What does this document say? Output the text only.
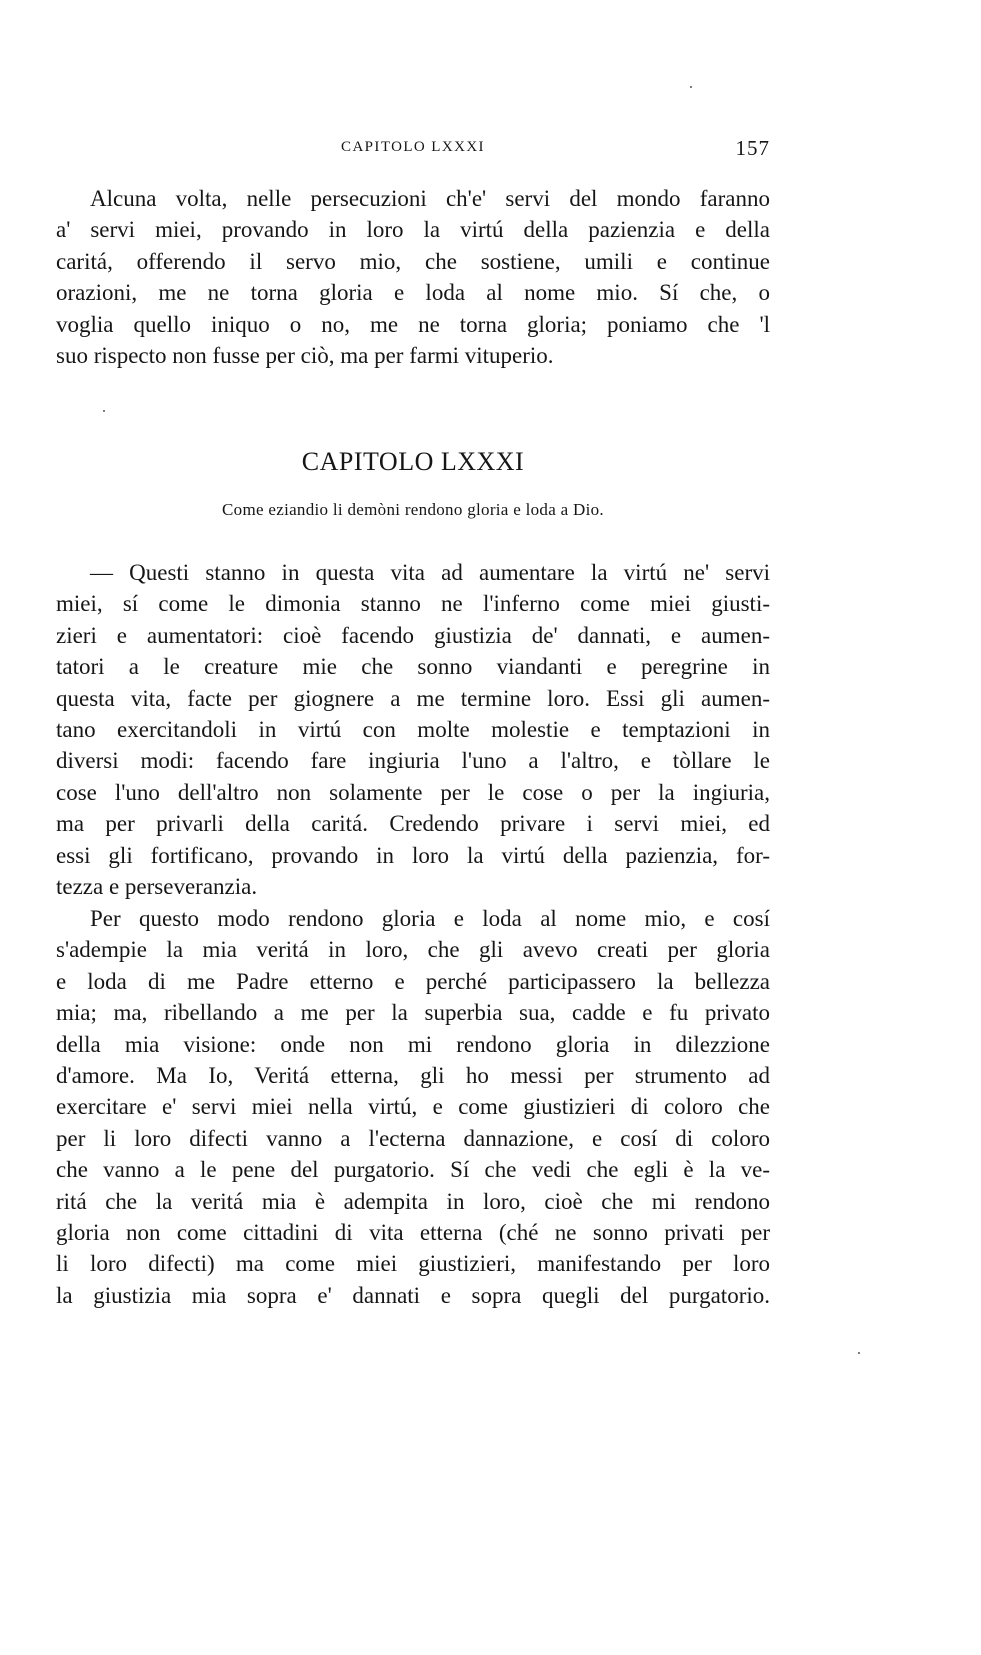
CAPITOLO LXXXI	157
Alcuna volta, nelle persecuzioni ch'e' servi del mondo faranno
a' servi miei, provando in loro la virtú della pazienzia e della
caritá, offerendo il servo mio, che sostiene, umili e continue
orazioni, me ne torna gloria e loda al nome mio. Sí che, o
voglia quello iniquo o no, me ne torna gloria; poniamo che 'l
suo rispecto non fusse per ciò, ma per farmi vituperio.
CAPITOLO LXXXI
Come eziandio li demòni rendono gloria e loda a Dio.
— Questi stanno in questa vita ad aumentare la virtú ne' servi
miei, sí come le dimonia stanno ne l'inferno come miei giusti-
zieri e aumentatori: cioè facendo giustizia de' dannati, e aumen-
tatori a le creature mie che sonno viandanti e peregrine in
questa vita, facte per giognere a me termine loro. Essi gli aumen-
tano exercitandoli in virtú con molte molestie e temptazioni in
diversi modi: facendo fare ingiuria l'uno a l'altro, e tòllare le
cose l'uno dell'altro non solamente per le cose o per la ingiuria,
ma per privarli della caritá. Credendo privare i servi miei, ed
essi gli fortificano, provando in loro la virtú della pazienzia, for-
tezza e perseveranzia.
Per questo modo rendono gloria e loda al nome mio, e cosí
s'adempie la mia veritá in loro, che gli avevo creati per gloria
e loda di me Padre etterno e perché participassero la bellezza
mia; ma, ribellando a me per la superbia sua, cadde e fu privato
della mia visione: onde non mi rendono gloria in dilezzione
d'amore. Ma Io, Veritá etterna, gli ho messi per strumento ad
exercitare e' servi miei nella virtú, e come giustizieri di coloro che
per li loro difecti vanno a l'ecterna dannazione, e cosí di coloro
che vanno a le pene del purgatorio. Sí che vedi che egli è la ve-
ritá che la veritá mia è adempita in loro, cioè che mi rendono
gloria non come cittadini di vita etterna (ché ne sonno privati per
li loro difecti) ma come miei giustizieri, manifestando per loro
la giustizia mia sopra e' dannati e sopra quegli del purgatorio.
